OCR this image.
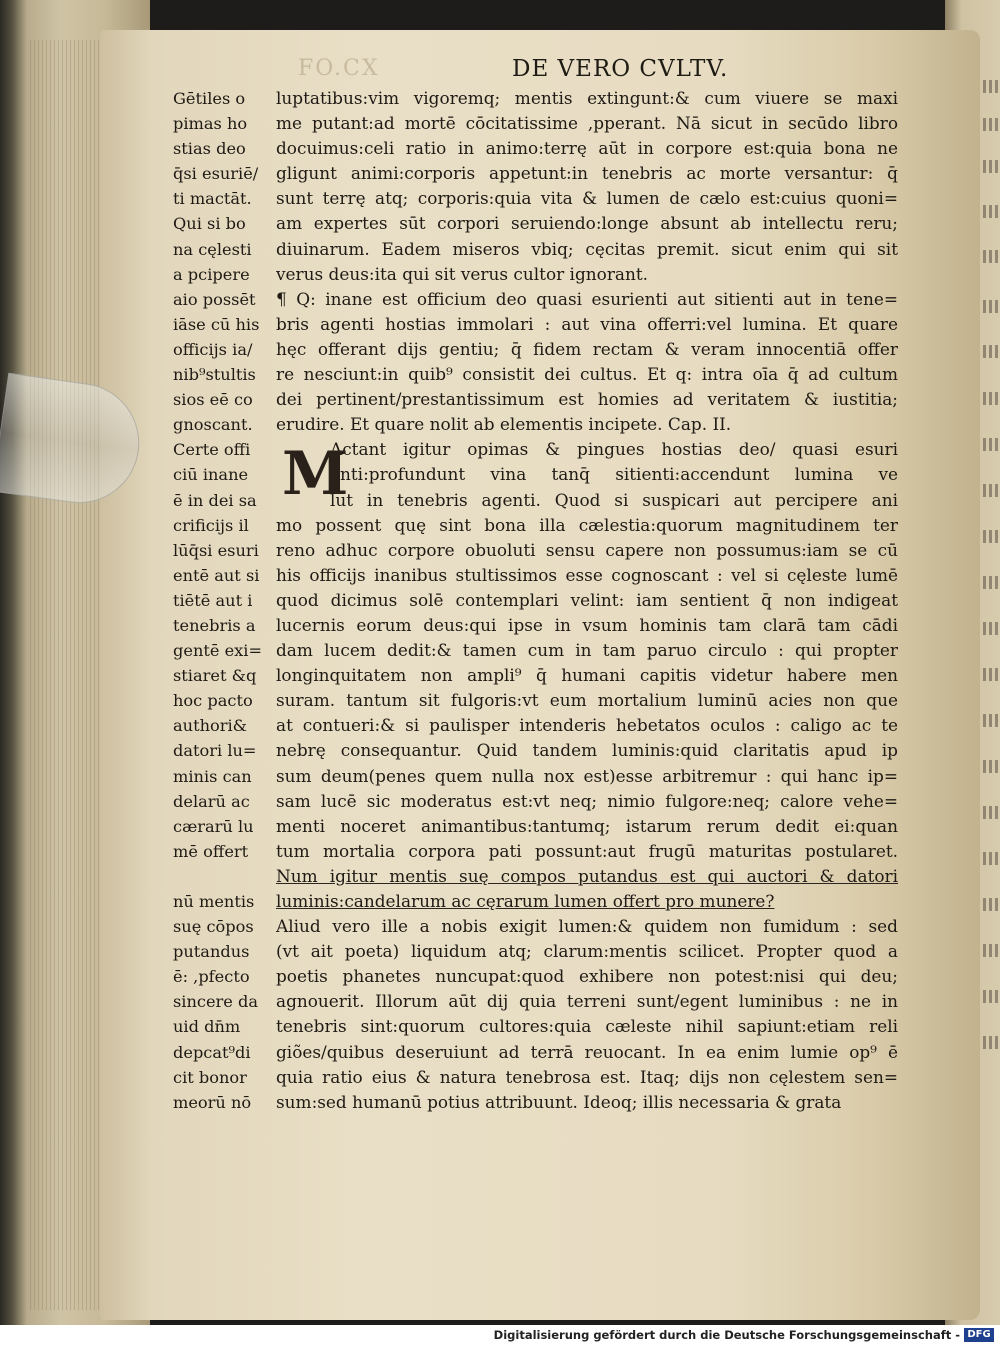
FO.CX	DE VERO CVLTV.
Gētiles o
pimas ho
stias deo
q̄si esuriē/
ti mactāt.
Qui si bo
na cęlesti
a pcipere
aio possēt
iāse cū his
officijs ia/
nib⁹stultis
sios eē co
gnoscant.
Certe offi
ciū inane
ē in dei sa
crificijs il
lūq̄si esuri
entē aut si
tiētē aut i
tenebris a
gentē exi=
stiaret &q
hoc pacto
authori&
datori lu=
minis can
delarū ac
cærarū lu
mē offert

nū mentis
suę cōpos
putandus
ē: ,pfecto
sincere da
uid dn̄m
depcat⁹di
cit bonor
meorū nō
luptatibus:vim vigoremq; mentis extingunt:& cum viuere se maxi
me putant:ad mortē cōcitatissime ,pperant. Nā sicut in secūdo libro
docuimus:celi ratio in animo:terrę aūt in corpore est:quia bona ne
gligunt animi:corporis appetunt:in tenebris ac morte versantur: q̄
sunt terrę atq; corporis:quia vita & lumen de cælo est:cuius quoni=
am expertes sūt corpori seruiendo:longe absunt ab intellectu reru;
diuinarum. Eadem miseros vbiq; cęcitas premit. sicut enim qui sit
verus deus:ita qui sit verus cultor ignorant.
¶ Q: inane est officium deo quasi esurienti aut sitienti aut in tene=
bris agenti hostias immolari : aut vina offerri:vel lumina. Et quare
hęc offerant dijs gentiu; q̄ fidem rectam & veram innocentiā offer
re nesciunt:in quib⁹ consistit dei cultus. Et q: intra oīa q̄ ad cultum
dei pertinent/prestantissimum est homies ad veritatem & iustitia;
erudire. Et quare nolit ab elementis incipete. Cap. II.
Actant igitur opimas & pingues hostias deo/ quasi esuri
enti:profundunt vina tanq̄ sitienti:accendunt lumina ve
lut in tenebris agenti. Quod si suspicari aut percipere ani
mo possent quę sint bona illa cælestia:quorum magnitudinem ter
reno adhuc corpore obuoluti sensu capere non possumus:iam se cū
his officijs inanibus stultissimos esse cognoscant : vel si cęleste lumē
quod dicimus solē contemplari velint: iam sentient q̄ non indigeat
lucernis eorum deus:qui ipse in vsum hominis tam clarā tam cādi
dam lucem dedit:& tamen cum in tam paruo circulo : qui propter
longinquitatem non ampli⁹ q̄ humani capitis videtur habere men
suram. tantum sit fulgoris:vt eum mortalium luminū acies non que
at contueri:& si paulisper intenderis hebetatos oculos : caligo ac te
nebrę consequantur. Quid tandem luminis:quid claritatis apud ip
sum deum(penes quem nulla nox est)esse arbitremur : qui hanc ip=
sam lucē sic moderatus est:vt neq; nimio fulgore:neq; calore vehe=
menti noceret animantibus:tantumq; istarum rerum dedit ei:quan
tum mortalia corpora pati possunt:aut frugū maturitas postularet.
Num igitur mentis suę compos putandus est qui auctori & datori
luminis:candelarum ac cęrarum lumen offert pro munere?
Aliud vero ille a nobis exigit lumen:& quidem non fumidum : sed
(vt ait poeta) liquidum atq; clarum:mentis scilicet. Propter quod a
poetis phanetes nuncupat:quod exhibere non potest:nisi qui deu;
agnouerit. Illorum aūt dij quia terreni sunt/egent luminibus : ne in
tenebris sint:quorum cultores:quia cæleste nihil sapiunt:etiam reli
giões/quibus deseruiunt ad terrā reuocant. In ea enim lumie op⁹ ē
quia ratio eius & natura tenebrosa est. Itaq; dijs non cęlestem sen=
sum:sed humanū potius attribuunt. Ideoq; illis necessaria & grata
M
Digitalisierung gefördert durch die Deutsche Forschungsgemeinschaft - DFG
